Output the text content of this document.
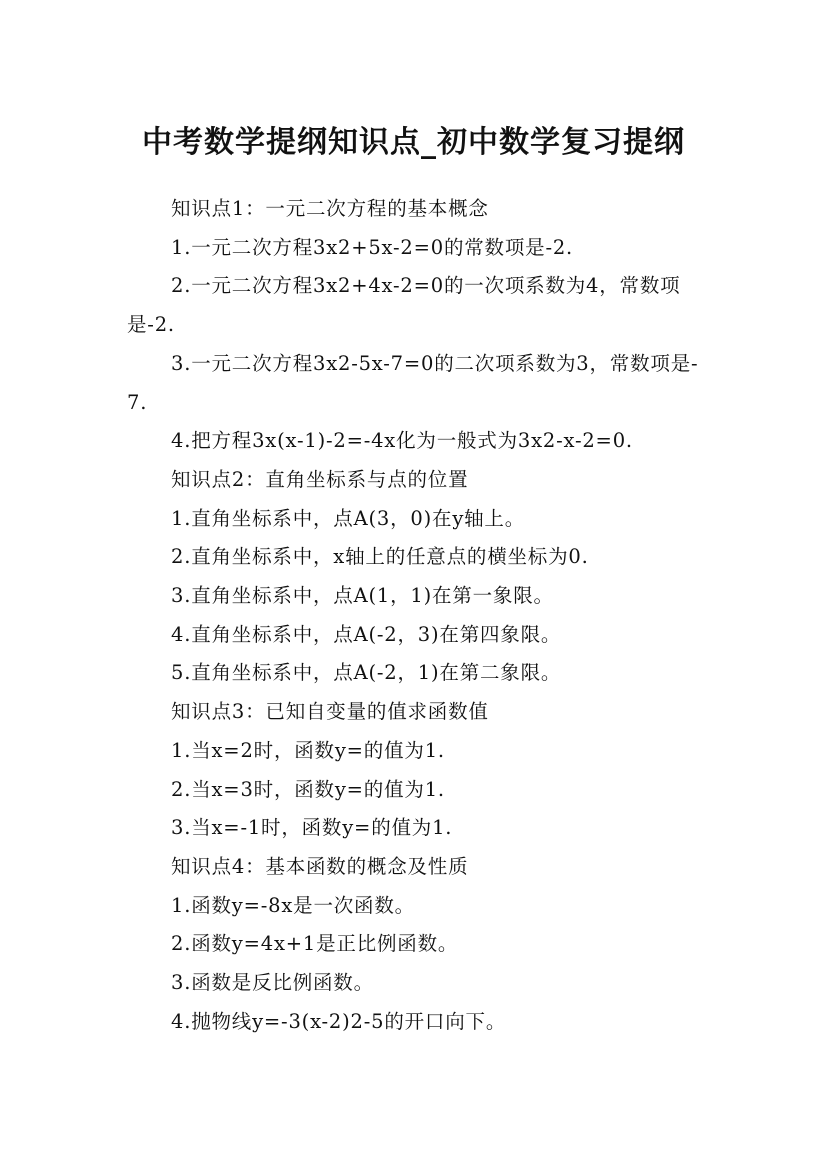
中考数学提纲知识点_初中数学复习提纲

知识点1：一元二次方程的基本概念

1.一元二次方程3x2+5x-2=0的常数项是-2.

2.一元二次方程3x2+4x-2=0的一次项系数为4，常数项是-2.

3.一元二次方程3x2-5x-7=0的二次项系数为3，常数项是-7.

4.把方程3x(x-1)-2=-4x化为一般式为3x2-x-2=0.

知识点2：直角坐标系与点的位置

1.直角坐标系中，点A(3，0)在y轴上。

2.直角坐标系中，x轴上的任意点的横坐标为0.

3.直角坐标系中，点A(1，1)在第一象限。

4.直角坐标系中，点A(-2，3)在第四象限。

5.直角坐标系中，点A(-2，1)在第二象限。

知识点3：已知自变量的值求函数值

1.当x=2时，函数y=的值为1.

2.当x=3时，函数y=的值为1.

3.当x=-1时，函数y=的值为1.

知识点4：基本函数的概念及性质

1.函数y=-8x是一次函数。

2.函数y=4x+1是正比例函数。

3.函数是反比例函数。

4.抛物线y=-3(x-2)2-5的开口向下。
